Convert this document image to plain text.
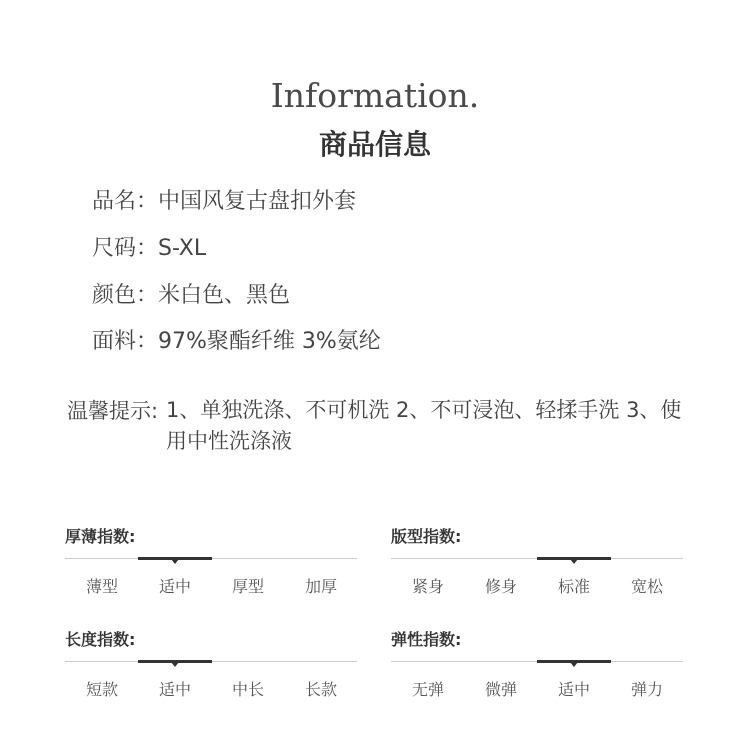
Information.
商品信息
品名：中国风复古盘扣外套
尺码：S-XL
颜色：米白色、黑色
面料：97%聚酯纤维 3%氨纶
温馨提示: 1、单独洗涤、不可机洗 2、不可浸泡、轻揉手洗 3、使用中性洗涤液
厚薄指数:
薄型	适中	厚型	加厚
版型指数:
紧身	修身	标准	宽松
长度指数:
短款	适中	中长	长款
弹性指数:
无弹	微弹	适中	弹力
